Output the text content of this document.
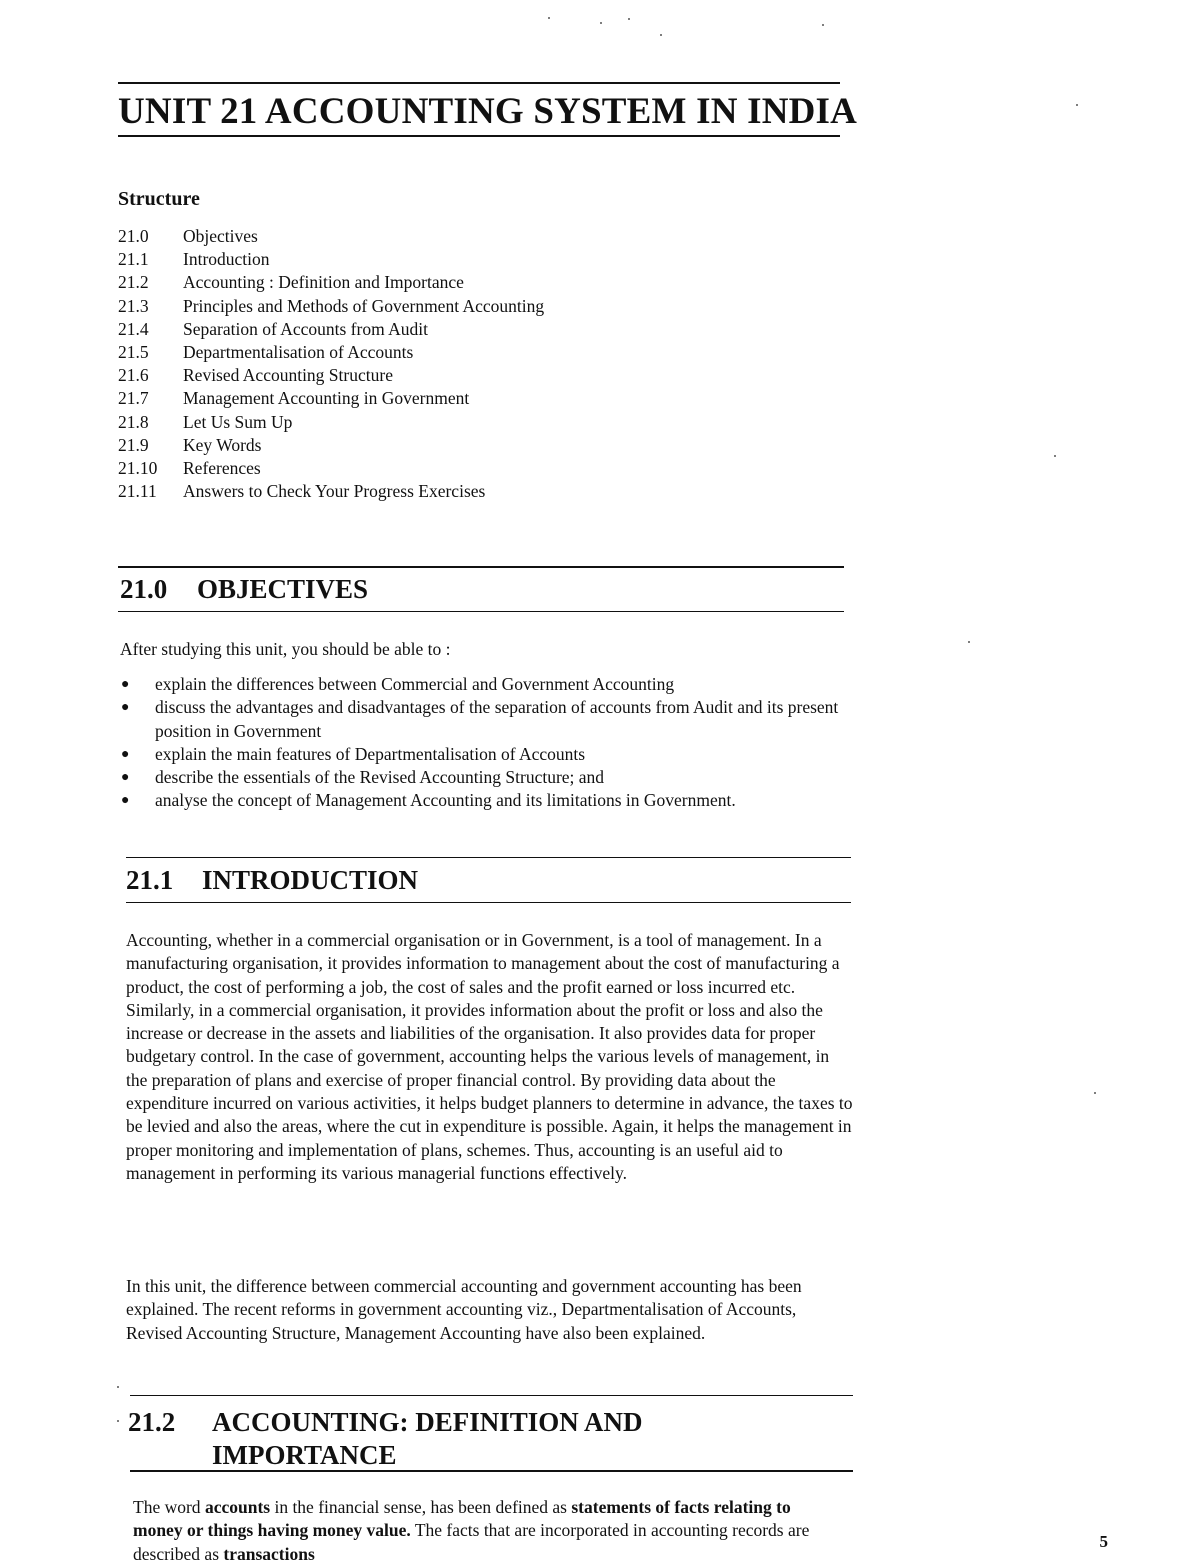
UNIT 21 ACCOUNTING SYSTEM IN INDIA
Structure
21.0	Objectives
21.1	Introduction
21.2	Accounting : Definition and Importance
21.3	Principles and Methods of Government Accounting
21.4	Separation of Accounts from Audit
21.5	Departmentalisation of Accounts
21.6	Revised Accounting Structure
21.7	Management Accounting in Government
21.8	Let Us Sum Up
21.9	Key Words
21.10	References
21.11	Answers to Check Your Progress Exercises
21.0 OBJECTIVES

After studying this unit, you should be able to :

● explain the differences between Commercial and Government Accounting
● discuss the advantages and disadvantages of the separation of accounts from Audit and its present position in Government
● explain the main features of Departmentalisation of Accounts
● describe the essentials of the Revised Accounting Structure; and
● analyse the concept of Management Accounting and its limitations in Government.
21.1 INTRODUCTION

Accounting, whether in a commercial organisation or in Government, is a tool of management. In a manufacturing organisation, it provides information to management about the cost of manufacturing a product, the cost of performing a job, the cost of sales and the profit earned or loss incurred etc. Similarly, in a commercial organisation, it provides information about the profit or loss and also the increase or decrease in the assets and liabilities of the organisation. It also provides data for proper budgetary control. In the case of government, accounting helps the various levels of management, in the preparation of plans and exercise of proper financial control. By providing data about the expenditure incurred on various activities, it helps budget planners to determine in advance, the taxes to be levied and also the areas, where the cut in expenditure is possible. Again, it helps the management in proper monitoring and implementation of plans, schemes. Thus, accounting is an useful aid to management in performing its various managerial functions effectively.

In this unit, the difference between commercial accounting and government accounting has been explained. The recent reforms in government accounting viz., Departmentalisation of Accounts, Revised Accounting Structure, Management Accounting have also been explained.

21.2 ACCOUNTING: DEFINITION AND
IMPORTANCE

The word accounts in the financial sense, has been defined as statements of facts relating to money or things having money value. The facts that are incorporated in accounting records are described as transactions

5
